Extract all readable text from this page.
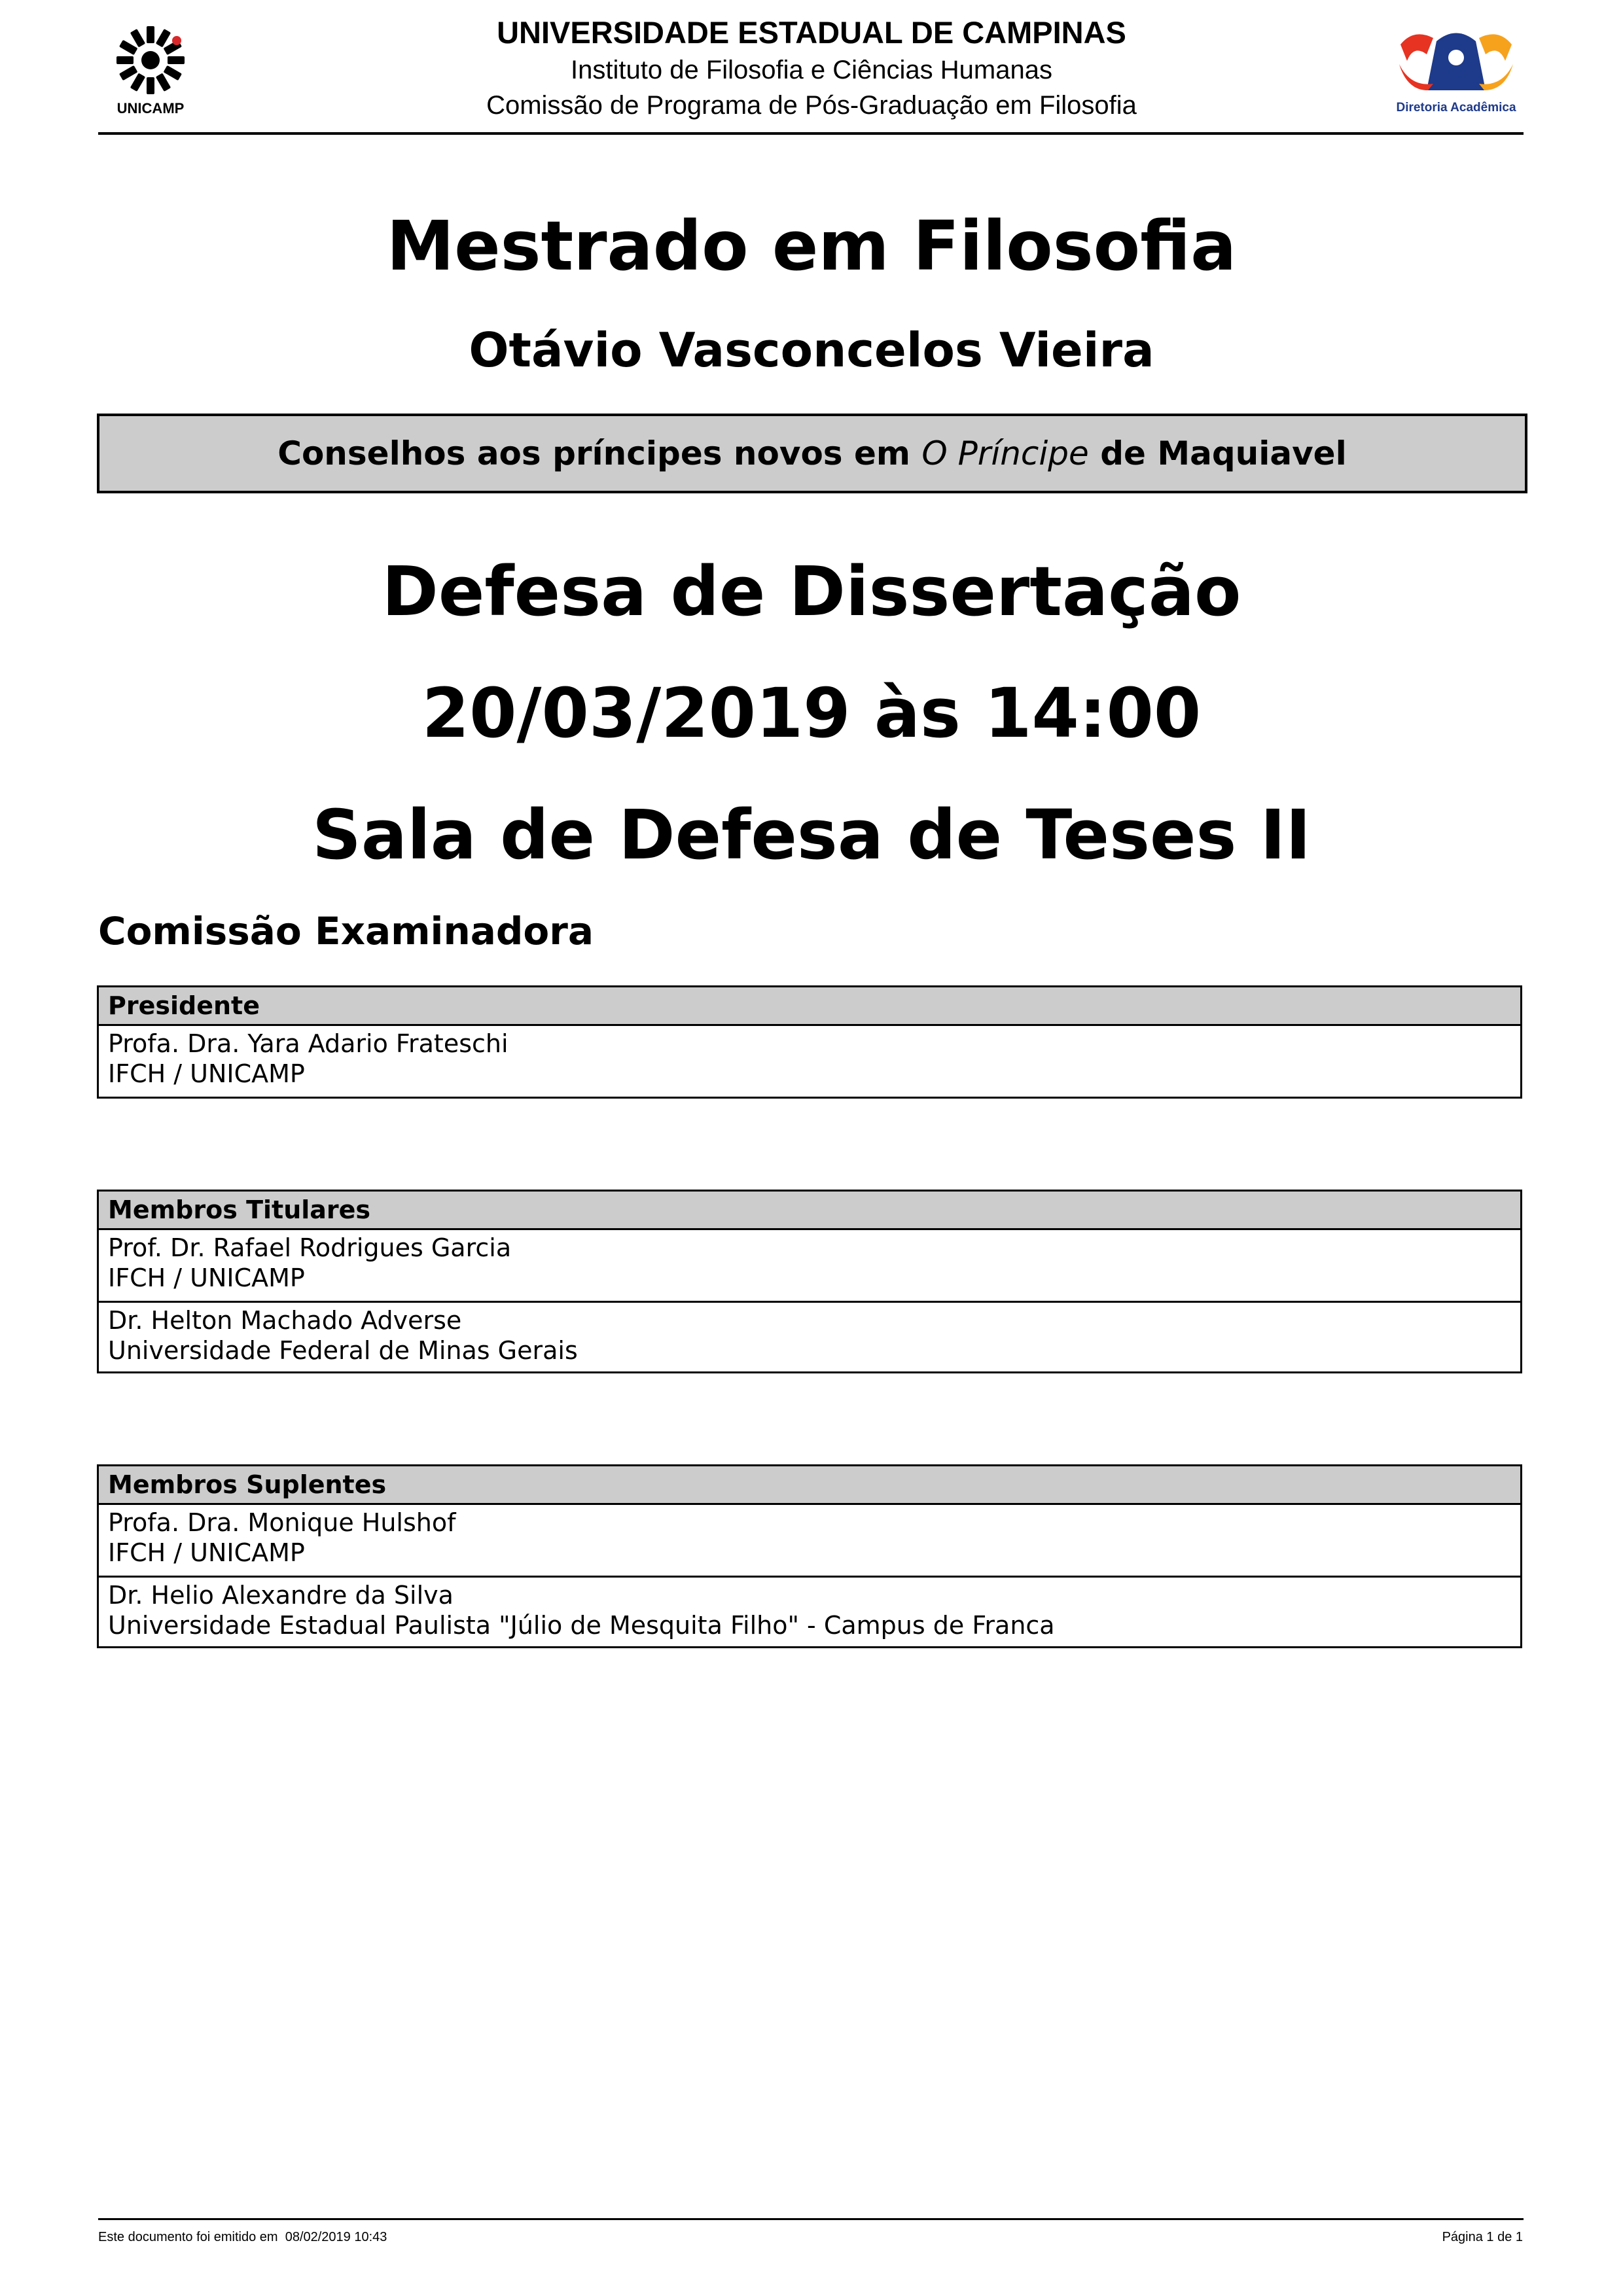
UNICAMP
UNIVERSIDADE ESTADUAL DE CAMPINAS
Instituto de Filosofia e Ciências Humanas
Comissão de Programa de Pós-Graduação em Filosofia	Diretoria Acadêmica
Mestrado em Filosofia
Otávio Vasconcelos Vieira
Conselhos aos príncipes novos em O Príncipe de Maquiavel
Defesa de Dissertação
20/03/2019 às 14:00
Sala de Defesa de Teses II
Comissão Examinadora
Presidente
Profa. Dra. Yara Adario Frateschi
IFCH / UNICAMP
Membros Titulares
Prof. Dr. Rafael Rodrigues Garcia
IFCH / UNICAMP
Dr. Helton Machado Adverse
Universidade Federal de Minas Gerais
Membros Suplentes
Profa. Dra. Monique Hulshof
IFCH / UNICAMP
Dr. Helio Alexandre da Silva
Universidade Estadual Paulista "Júlio de Mesquita Filho" - Campus de Franca
Este documento foi emitido em  08/02/2019 10:43	Página 1 de 1
